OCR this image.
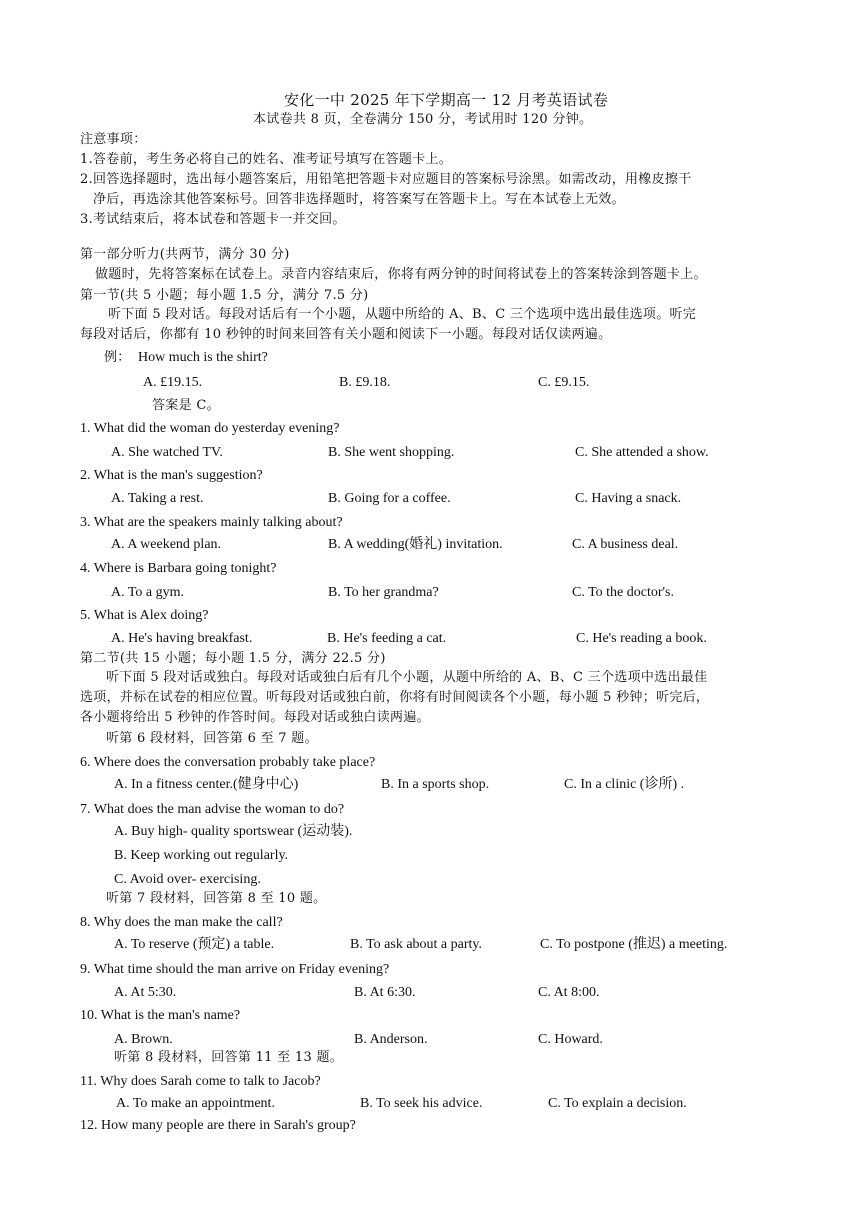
安化一中 2025 年下学期高一 12 月考英语试卷
本试卷共 8 页，全卷满分 150 分，考试用时 120 分钟。
注意事项：
1.答卷前，考生务必将自己的姓名、准考证号填写在答题卡上。
2.回答选择题时，选出每小题答案后，用铅笔把答题卡对应题目的答案标号涂黑。如需改动，用橡皮擦干
净后，再选涂其他答案标号。回答非选择题时，将答案写在答题卡上。写在本试卷上无效。
3.考试结束后，将本试卷和答题卡一并交回。
第一部分听力(共两节，满分 30 分)
做题时，先将答案标在试卷上。录音内容结束后，你将有两分钟的时间将试卷上的答案转涂到答题卡上。
第一节(共 5 小题；每小题 1.5 分，满分 7.5 分)
听下面 5 段对话。每段对话后有一个小题，从题中所给的 A、B、C 三个选项中选出最佳选项。听完
每段对话后，你都有 10 秒钟的时间来回答有关小题和阅读下一小题。每段对话仅读两遍。
例： How much is the shirt?
A. £19.15.	B. £9.18.	C. £9.15.
答案是 C。
1. What did the woman do yesterday evening?
A. She watched TV.	B. She went shopping.	C. She attended a show.
2. What is the man's suggestion?
A. Taking a rest.	B. Going for a coffee.	C. Having a snack.
3. What are the speakers mainly talking about?
A. A weekend plan.	B. A wedding(婚礼) invitation.	C. A business deal.
4. Where is Barbara going tonight?
A. To a gym.	B. To her grandma?	C. To the doctor's.
5. What is Alex doing?
A. He's having breakfast.	B. He's feeding a cat.	C. He's reading a book.
第二节(共 15 小题；每小题 1.5 分，满分 22.5 分)
听下面 5 段对话或独白。每段对话或独白后有几个小题，从题中所给的 A、B、C 三个选项中选出最佳
选项，并标在试卷的相应位置。听每段对话或独白前，你将有时间阅读各个小题，每小题 5 秒钟；听完后，
各小题将给出 5 秒钟的作答时间。每段对话或独白读两遍。
听第 6 段材料，回答第 6 至 7 题。
6. Where does the conversation probably take place?
A. In a fitness center.(健身中心)	B. In a sports shop.	C. In a clinic (诊所) .
7. What does the man advise the woman to do?
A. Buy high- quality sportswear (运动装).
B. Keep working out regularly.
C. Avoid over- exercising.
听第 7 段材料，回答第 8 至 10 题。
8. Why does the man make the call?
A. To reserve (预定) a table.	B. To ask about a party.	C. To postpone (推迟) a meeting.
9. What time should the man arrive on Friday evening?
A. At 5:30.	B. At 6:30.	C. At 8:00.
10. What is the man's name?
A. Brown.	B. Anderson.	C. Howard.
听第 8 段材料，回答第 11 至 13 题。
11. Why does Sarah come to talk to Jacob?
A. To make an appointment.	B. To seek his advice.	C. To explain a decision.
12. How many people are there in Sarah's group?
